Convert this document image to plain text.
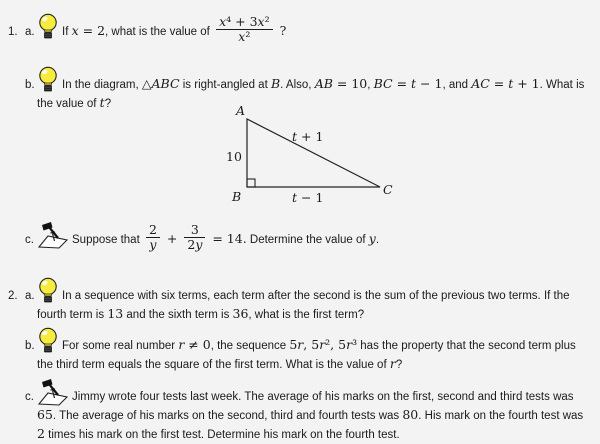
1. a. If x = 2, what is the value of $\frac{\text{x⁴ + 3x²}}{\text{x²}}$ ?
b. In the diagram, △ABC is right-angled at B. Also, AB = 10, BC = t − 1, and AC = t + 1. What is the value of t?
c.	Suppose that $\frac{2}{y} + \frac{3}{2y} = 14$. Determine the value of y.
2. a. In a sequence with six terms, each term after the second is the sum of the previous two terms. If the fourth term is 13 and the sixth term is 36, what is the first term?
b. For some real number r ≠ 0, the sequence 5r, 5r², 5r³ has the property that the second term plus the third term equals the square of the first term. What is the value of r?
c.	Jimmy wrote four tests last week. The average of his marks on the first, second and third tests was 65. The average of his marks on the second, third and fourth tests was 80. His mark on the fourth test was 2 times his mark on the first test. Determine his mark on the fourth test.
A
B	C
10
t + 1
t − 1
